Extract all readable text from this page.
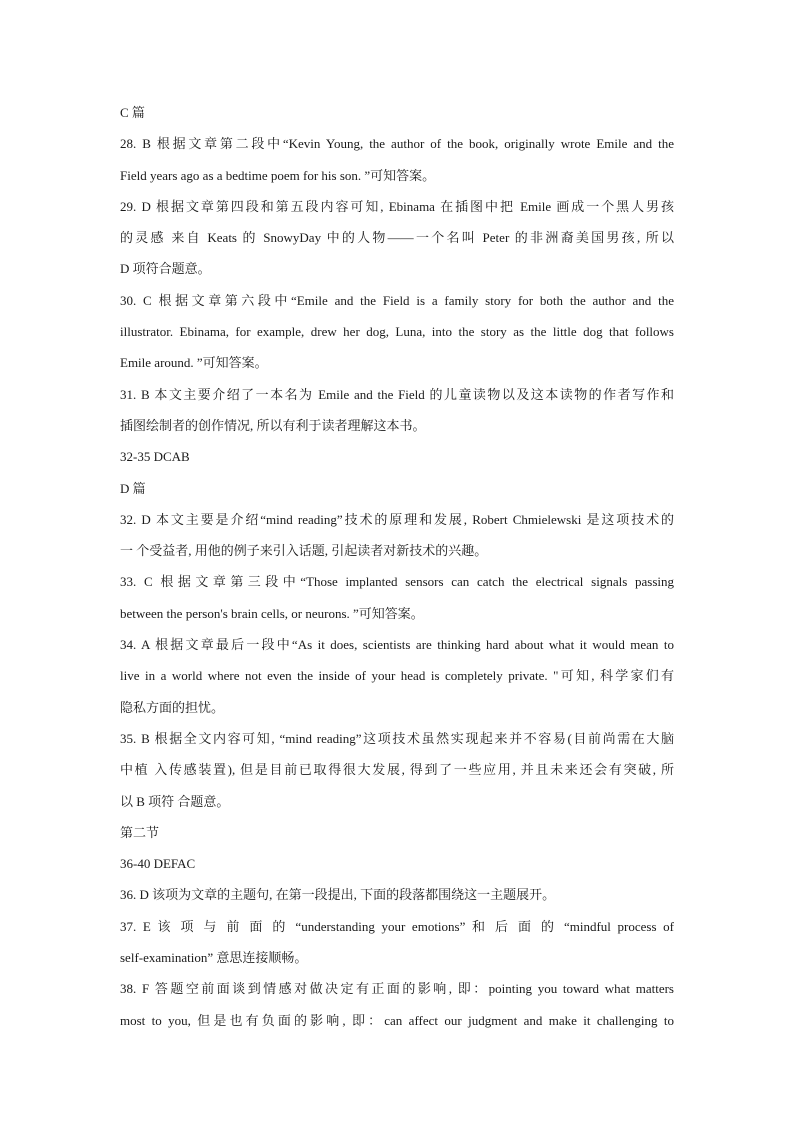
C 篇
28. B 根据文章第二段中“Kevin Young, the author of the book, originally wrote Emile and the
Field years ago as a bedtime poem for his son. ”可知答案。
29. D 根据文章第四段和第五段内容可知, Ebinama 在插图中把 Emile 画成一个黑人男孩
的灵感 来自 Keats 的 SnowyDay 中的人物——一个名叫 Peter 的非洲裔美国男孩, 所以
D 项符合题意。
30. C 根据文章第六段中“Emile and the Field is a family story for both the author and the
illustrator. Ebinama, for example, drew her dog, Luna, into the story as the little dog that follows
Emile around. ”可知答案。
31. B 本文主要介绍了一本名为 Emile and the Field 的儿童读物以及这本读物的作者写作和
插图绘制者的创作情况, 所以有利于读者理解这本书。
32-35 DCAB
D 篇
32. D 本文主要是介绍“mind reading”技术的原理和发展, Robert Chmielewski 是这项技术的
一 个受益者, 用他的例子来引入话题, 引起读者对新技术的兴趣。
33. C 根据文章第三段中“Those implanted sensors can catch the electrical signals passing
between the person's brain cells, or neurons. ”可知答案。
34. A 根据文章最后一段中“As it does, scientists are thinking hard about what it would mean to
live in a world where not even the inside of your head is completely private. "可知, 科学家们有
隐私方面的担忧。
35. B 根据全文内容可知, “mind reading”这项技术虽然实现起来并不容易(目前尚需在大脑
中植 入传感装置), 但是目前已取得很大发展, 得到了一些应用, 并且未来还会有突破, 所
以 B 项符 合题意。
第二节
36-40 DEFAC
36. D 该项为文章的主题句, 在第一段提出, 下面的段落都围绕这一主题展开。
37. E 该 项 与 前 面 的 “understanding your emotions” 和 后 面 的 “mindful process of
self-examination” 意思连接顺畅。
38. F 答题空前面谈到情感对做决定有正面的影响, 即：pointing you toward what matters
most to you, 但是也有负面的影响, 即：can affect our judgment and make it challenging to
